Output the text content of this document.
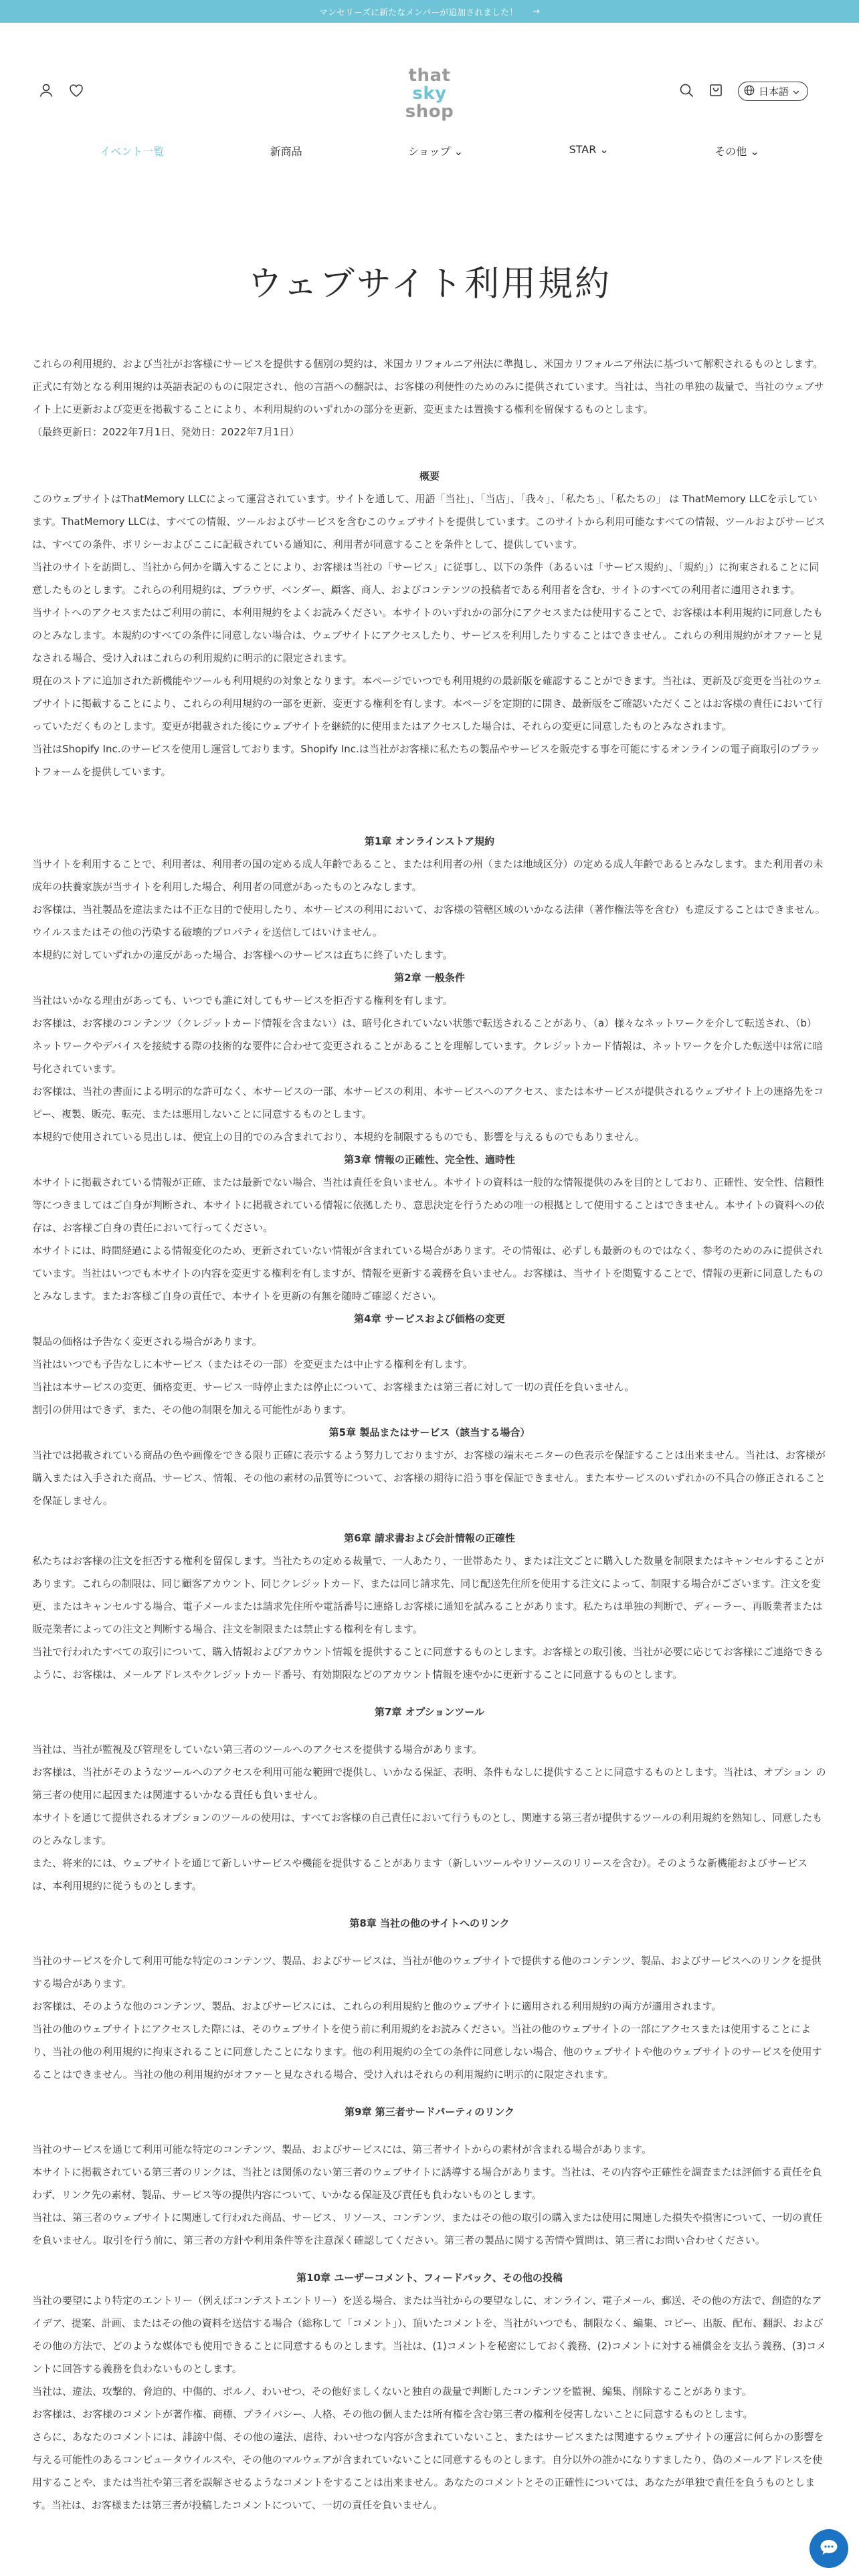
マンセリーズに新たなメンバーが追加されました！ →
that
sky
shop
日本語
イベント一覧	新商品	ショップ ⌄	STAR ⌄	その他 ⌄
ウェブサイト利用規約

これらの利用規約、および当社がお客様にサービスを提供する個別の契約は、米国カリフォルニア州法に準拠し、米国カリフォルニア州法に基づいて解釈されるものとします。正式に有効となる利用規約は英語表記のものに限定され、他の言語への翻訳は、お客様の利便性のためのみに提供されています。当社は、当社の単独の裁量で、当社のウェブサイト上に更新および変更を掲載することにより、本利用規約のいずれかの部分を更新、変更または置換する権利を留保するものとします。

（最終更新日：2022年7月1日、発効日：2022年7月1日）

概要

このウェブサイトはThatMemory LLCによって運営されています。サイトを通して、用語「当社」、「当店」、「我々」、「私たち」、「私たちの」 は ThatMemory LLCを示しています。ThatMemory LLCは、すべての情報、ツールおよびサービスを含むこのウェブサイトを提供しています。このサイトから利用可能なすべての情報、ツールおよびサービスは、すべての条件、ポリシーおよびここに記載されている通知に、利用者が同意することを条件として、提供しています。

当社のサイトを訪問し、当社から何かを購入することにより、お客様は当社の「サービス」に従事し、以下の条件（あるいは「サービス規約」、「規約」）に拘束されることに同意したものとします。これらの利用規約は、ブラウザ、ベンダー、顧客、商人、およびコンテンツの投稿者である利用者を含む、サイトのすべての利用者に適用されます。

当サイトへのアクセスまたはご利用の前に、本利用規約をよくお読みください。本サイトのいずれかの部分にアクセスまたは使用することで、お客様は本利用規約に同意したものとみなします。本規約のすべての条件に同意しない場合は、ウェブサイトにアクセスしたり、サービスを利用したりすることはできません。これらの利用規約がオファーと見なされる場合、受け入れはこれらの利用規約に明示的に限定されます。

現在のストアに追加された新機能やツールも利用規約の対象となります。本ページでいつでも利用規約の最新版を確認することができます。当社は、更新及び変更を当社のウェブサイトに掲載することにより、これらの利用規約の一部を更新、変更する権利を有します。本ページを定期的に開き、最新版をご確認いただくことはお客様の責任において行っていただくものとします。変更が掲載された後にウェブサイトを継続的に使用またはアクセスした場合は、それらの変更に同意したものとみなされます。

当社はShopify Inc.のサービスを使用し運営しております。Shopify Inc.は当社がお客様に私たちの製品やサービスを販売する事を可能にするオンラインの電子商取引のプラットフォームを提供しています。

第1章 オンラインストア規約

当サイトを利用することで、利用者は、利用者の国の定める成人年齢であること、または利用者の州（または地域区分）の定める成人年齢であるとみなします。また利用者の未成年の扶養家族が当サイトを利用した場合、利用者の同意があったものとみなします。

お客様は、当社製品を違法または不正な目的で使用したり、本サービスの利用において、お客様の管轄区域のいかなる法律（著作権法等を含む）も違反することはできません。

ウイルスまたはその他の汚染する破壊的プロパティを送信してはいけません。

本規約に対していずれかの違反があった場合、お客様へのサービスは直ちに終了いたします。

第2章 一般条件

当社はいかなる理由があっても、いつでも誰に対してもサービスを拒否する権利を有します。

お客様は、お客様のコンテンツ（クレジットカード情報を含まない）は、暗号化されていない状態で転送されることがあり、（a）様々なネットワークを介して転送され、（b）ネットワークやデバイスを接続する際の技術的な要件に合わせて変更されることがあることを理解しています。クレジットカード情報は、ネットワークを介した転送中は常に暗号化されています。

お客様は、当社の書面による明示的な許可なく、本サービスの一部、本サービスの利用、本サービスへのアクセス、または本サービスが提供されるウェブサイト上の連絡先をコピー、複製、販売、転売、または悪用しないことに同意するものとします。

本規約で使用されている見出しは、便宜上の目的でのみ含まれており、本規約を制限するものでも、影響を与えるものでもありません。

第3章 情報の正確性、完全性、適時性

本サイトに掲載されている情報が正確、または最新でない場合、当社は責任を負いません。本サイトの資料は一般的な情報提供のみを目的としており、正確性、安全性、信頼性等につきましてはご自身が判断され、本サイトに掲載されている情報に依拠したり、意思決定を行うための唯一の根拠として使用することはできません。本サイトの資料への依存は、お客様ご自身の責任において行ってください。

本サイトには、時間経過による情報変化のため、更新されていない情報が含まれている場合があります。その情報は、必ずしも最新のものではなく、参考のためのみに提供されています。当社はいつでも本サイトの内容を変更する権利を有しますが、情報を更新する義務を負いません。お客様は、当サイトを閲覧することで、情報の更新に同意したものとみなします。またお客様ご自身の責任で、本サイトを更新の有無を随時ご確認ください。

第4章 サービスおよび価格の変更

製品の価格は予告なく変更される場合があります。

当社はいつでも予告なしに本サービス（またはその一部）を変更または中止する権利を有します。

当社は本サービスの変更、価格変更、サービス一時停止または停止について、お客様または第三者に対して一切の責任を負いません。

割引の併用はできず、また、その他の制限を加える可能性があります。

第5章 製品またはサービス（該当する場合）

当社では掲載されている商品の色や画像をできる限り正確に表示するよう努力しておりますが、お客様の端末モニターの色表示を保証することは出来ません。当社は、お客様が購入または入手された商品、サービス、情報、その他の素材の品質等について、お客様の期待に沿う事を保証できません。また本サービスのいずれかの不具合の修正されることを保証しません。

第6章 請求書および会計情報の正確性

私たちはお客様の注文を拒否する権利を留保します。当社たちの定める裁量で、一人あたり、一世帯あたり、または注文ごとに購入した数量を制限またはキャンセルすることがあります。これらの制限は、同じ顧客アカウント、同じクレジットカード、または同じ請求先、同じ配送先住所を使用する注文によって、制限する場合がございます。注文を変更、またはキャンセルする場合、電子メールまたは請求先住所や電話番号に連絡しお客様に通知を試みることがあります。私たちは単独の判断で、ディーラー、再販業者または販売業者によっての注文と判断する場合、注文を制限または禁止する権利を有します。

当社で行われたすべての取引について、購入情報およびアカウント情報を提供することに同意するものとします。お客様との取引後、当社が必要に応じてお客様にご連絡できるように、お客様は、メールアドレスやクレジットカード番号、有効期限などのアカウント情報を速やかに更新することに同意するものとします。

第7章 オプションツール

当社は、当社が監視及び管理をしていない第三者のツールへのアクセスを提供する場合があります。

お客様は、当社がそのようなツールへのアクセスを利用可能な範囲で提供し、いかなる保証、表明、条件もなしに提供することに同意するものとします。当社は、オプション の第三者の使用に起因または関連するいかなる責任も負いません。

本サイトを通じて提供されるオプションのツールの使用は、すべてお客様の自己責任において行うものとし、関連する第三者が提供するツールの利用規約を熟知し、同意したものとみなします。

また、将来的には、ウェブサイトを通じて新しいサービスや機能を提供することがあります（新しいツールやリソースのリリースを含む）。そのような新機能およびサービスは、本利用規約に従うものとします。

第8章 当社の他のサイトへのリンク

当社のサービスを介して利用可能な特定のコンテンツ、製品、およびサービスは、当社が他のウェブサイトで提供する他のコンテンツ、製品、およびサービスへのリンクを提供する場合があります。

お客様は、そのような他のコンテンツ、製品、およびサービスには、これらの利用規約と他のウェブサイトに適用される利用規約の両方が適用されます。

当社の他のウェブサイトにアクセスした際には、そのウェブサイトを使う前に利用規約をお読みください。当社の他のウェブサイトの一部にアクセスまたは使用することにより、当社の他の利用規約に拘束されることに同意したことになります。他の利用規約の全ての条件に同意しない場合、他のウェブサイトや他のウェブサイトのサービスを使用することはできません。当社の他の利用規約がオファーと見なされる場合、受け入れはそれらの利用規約に明示的に限定されます。

第9章 第三者サードパーティのリンク

当社のサービスを通じて利用可能な特定のコンテンツ、製品、およびサービスには、第三者サイトからの素材が含まれる場合があります。

本サイトに掲載されている第三者のリンクは、当社とは関係のない第三者のウェブサイトに誘導する場合があります。当社は、その内容や正確性を調査または評価する責任を負わず、リンク先の素材、製品、サービス等の提供内容について、いかなる保証及び責任も負わないものとします。

当社は、第三者のウェブサイトに関連して行われた商品、サービス、リソース、コンテンツ、またはその他の取引の購入または使用に関連した損失や損害について、一切の責任を負いません。取引を行う前に、第三者の方針や利用条件等を注意深く確認してください。第三者の製品に関する苦情や質問は、第三者にお問い合わせください。

第10章 ユーザーコメント、フィードバック、その他の投稿

当社の要望により特定のエントリー（例えばコンテストエントリー）を送る場合、または当社からの要望なしに、オンライン、電子メール、郵送、その他の方法で、創造的なアイデア、提案、計画、またはその他の資料を送信する場合（総称して「コメント」）、頂いたコメントを、当社がいつでも、制限なく、編集、コピー、出版、配布、翻訳、およびその他の方法で、どのような媒体でも使用できることに同意するものとします。当社は、(1)コメントを秘密にしておく義務、(2)コメントに対する補償金を支払う義務、(3)コメントに回答する義務を負わないものとします。

当社は、違法、攻撃的、脅迫的、中傷的、ポルノ、わいせつ、その他好ましくないと独自の裁量で判断したコンテンツを監視、編集、削除することがあります。

お客様は、お客様のコメントが著作権、商標、プライバシー、人格、その他の個人または所有権を含む第三者の権利を侵害しないことに同意するものとします。

さらに、あなたのコメントには、誹謗中傷、その他の違法、虐待、わいせつな内容が含まれていないこと、またはサービスまたは関連するウェブサイトの運営に何らかの影響を与える可能性のあるコンピュータウイルスや、その他のマルウェアが含まれていないことに同意するものとします。自分以外の誰かになりすましたり、偽のメールアドレスを使用することや、または当社や第三者を誤解させるようなコメントをすることは出来ません。あなたのコメントとその正確性については、あなたが単独で責任を負うものとします。当社は、お客様または第三者が投稿したコメントについて、一切の責任を負いません。
